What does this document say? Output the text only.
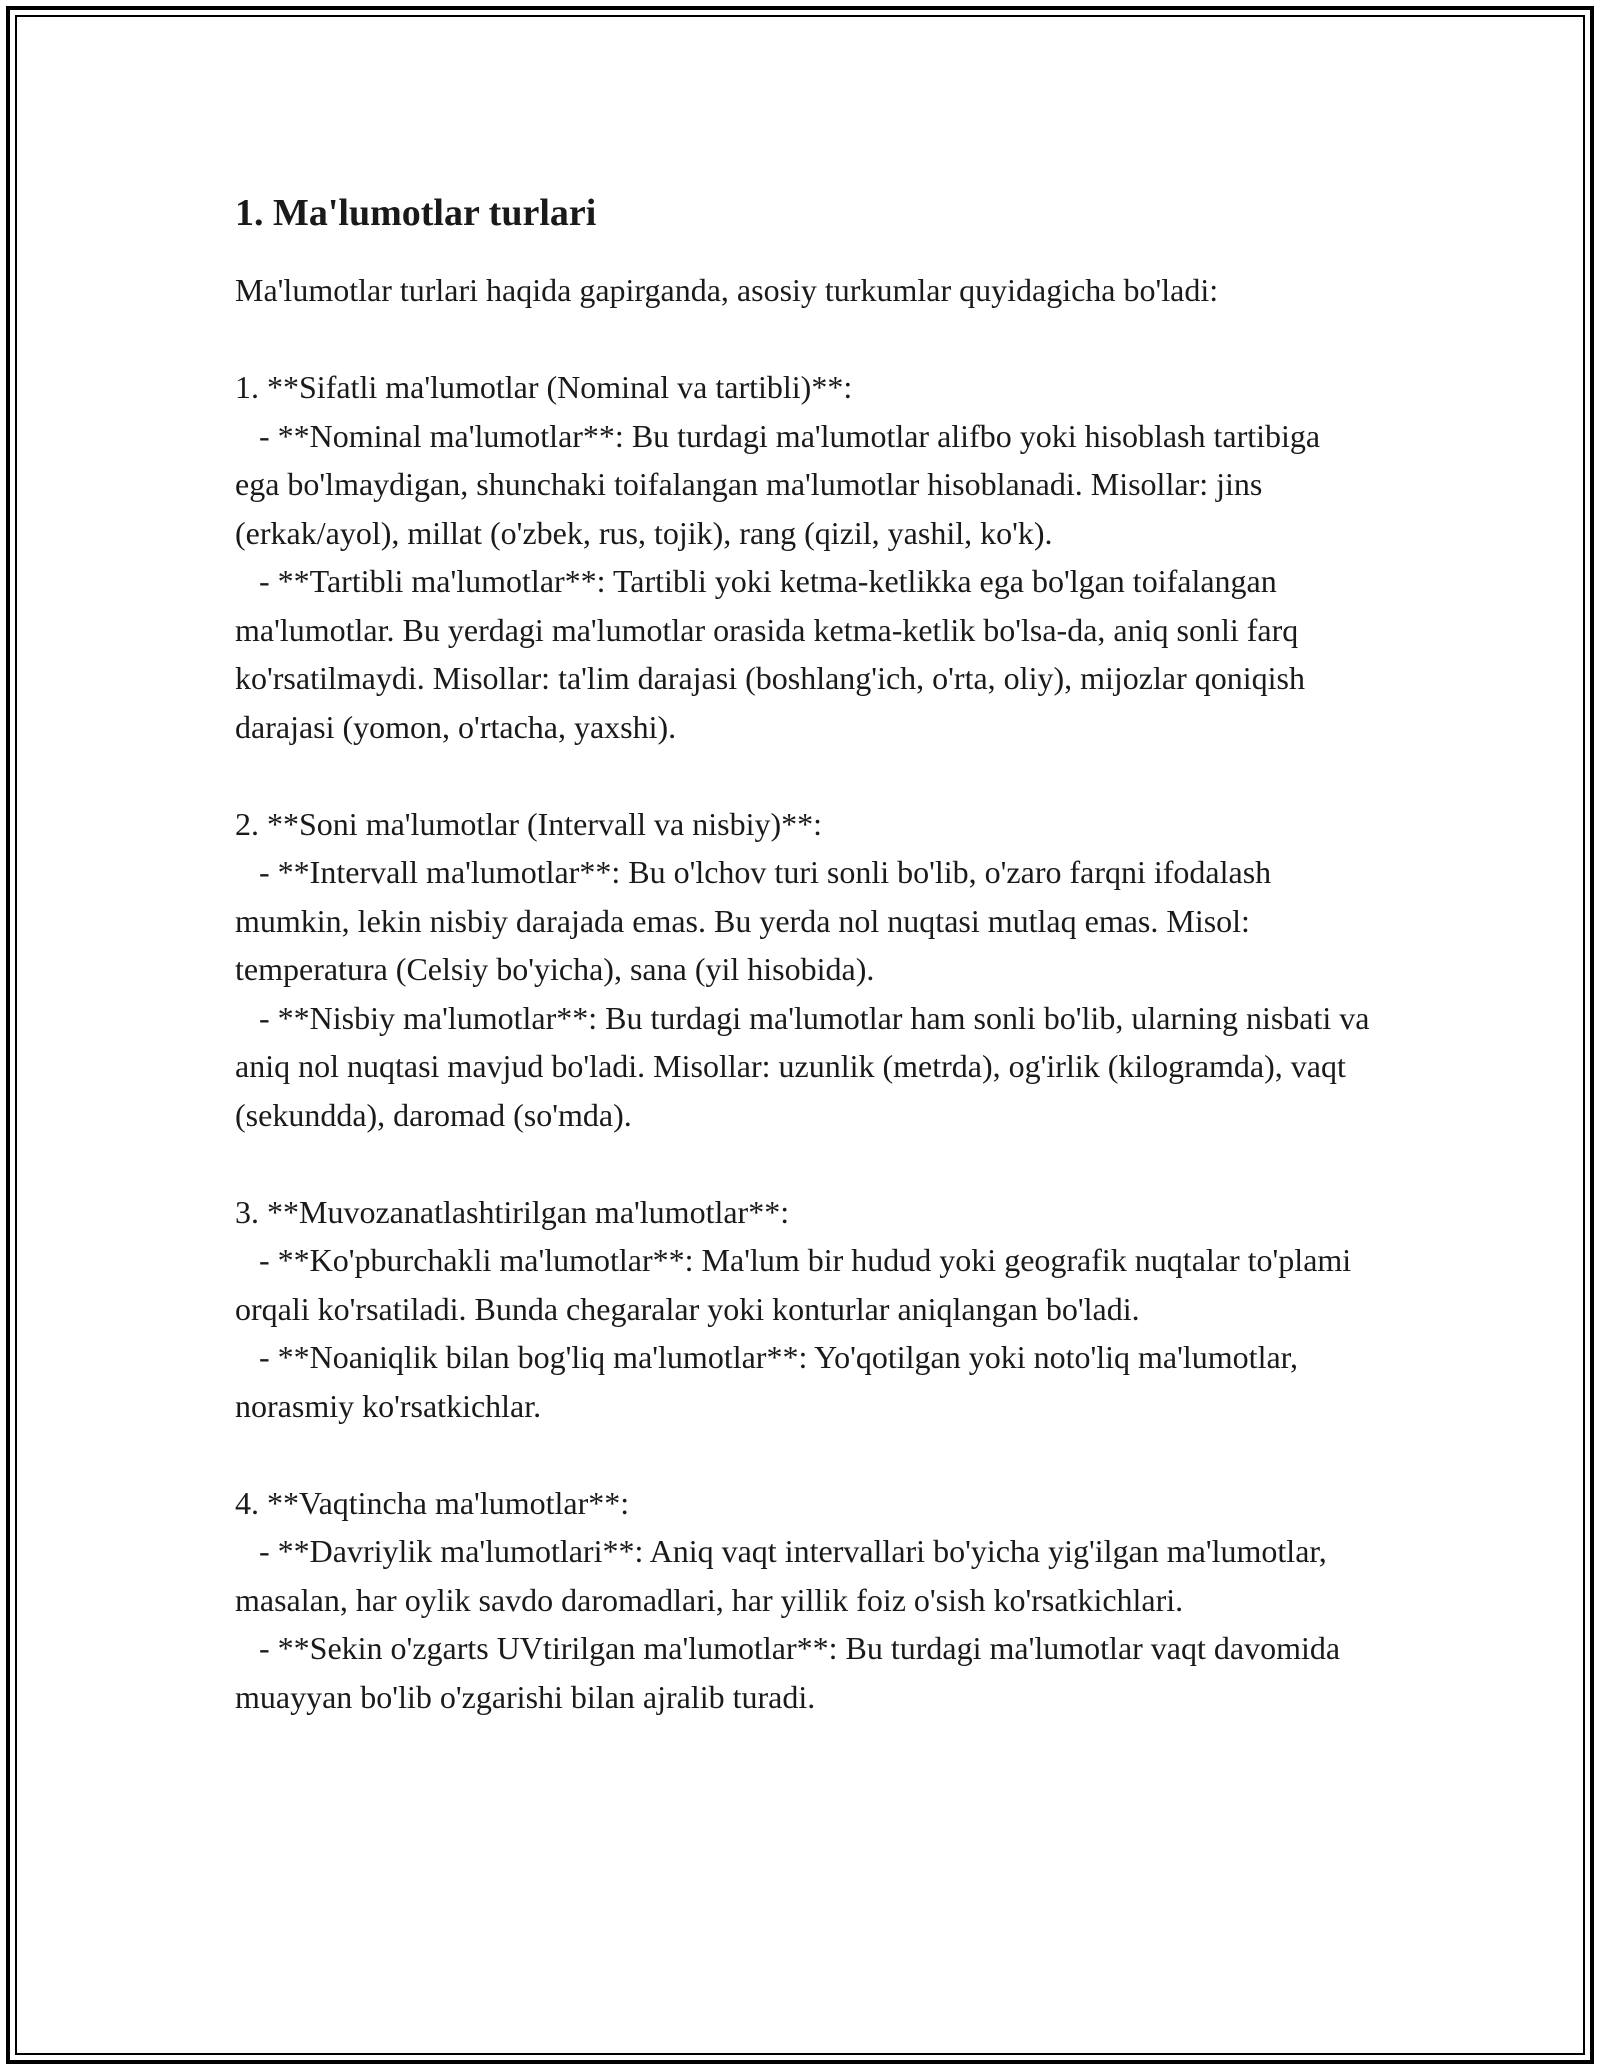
1. Ma'lumotlar turlari

Ma'lumotlar turlari haqida gapirganda, asosiy turkumlar quyidagicha bo'ladi:

1. **Sifatli ma'lumotlar (Nominal va tartibli)**:

- **Nominal ma'lumotlar**: Bu turdagi ma'lumotlar alifbo yoki hisoblash tartibiga ega bo'lmaydigan, shunchaki toifalangan ma'lumotlar hisoblanadi. Misollar: jins (erkak/ayol), millat (o'zbek, rus, tojik), rang (qizil, yashil, ko'k).

- **Tartibli ma'lumotlar**: Tartibli yoki ketma-ketlikka ega bo'lgan toifalangan ma'lumotlar. Bu yerdagi ma'lumotlar orasida ketma-ketlik bo'lsa-da, aniq sonli farq ko'rsatilmaydi. Misollar: ta'lim darajasi (boshlang'ich, o'rta, oliy), mijozlar qoniqish darajasi (yomon, o'rtacha, yaxshi).

2. **Soni ma'lumotlar (Intervall va nisbiy)**:

- **Intervall ma'lumotlar**: Bu o'lchov turi sonli bo'lib, o'zaro farqni ifodalash mumkin, lekin nisbiy darajada emas. Bu yerda nol nuqtasi mutlaq emas. Misol: temperatura (Celsiy bo'yicha), sana (yil hisobida).

- **Nisbiy ma'lumotlar**: Bu turdagi ma'lumotlar ham sonli bo'lib, ularning nisbati va aniq nol nuqtasi mavjud bo'ladi. Misollar: uzunlik (metrda), og'irlik (kilogramda), vaqt (sekundda), daromad (so'mda).

3. **Muvozanatlashtirilgan ma'lumotlar**:

- **Ko'pburchakli ma'lumotlar**: Ma'lum bir hudud yoki geografik nuqtalar to'plami orqali ko'rsatiladi. Bunda chegaralar yoki konturlar aniqlangan bo'ladi.

- **Noaniqlik bilan bog'liq ma'lumotlar**: Yo'qotilgan yoki noto'liq ma'lumotlar, norasmiy ko'rsatkichlar.

4. **Vaqtincha ma'lumotlar**:

- **Davriylik ma'lumotlari**: Aniq vaqt intervallari bo'yicha yig'ilgan ma'lumotlar, masalan, har oylik savdo daromadlari, har yillik foiz o'sish ko'rsatkichlari.

- **Sekin o'zgarts UVtirilgan ma'lumotlar**: Bu turdagi ma'lumotlar vaqt davomida muayyan bo'lib o'zgarishi bilan ajralib turadi.
